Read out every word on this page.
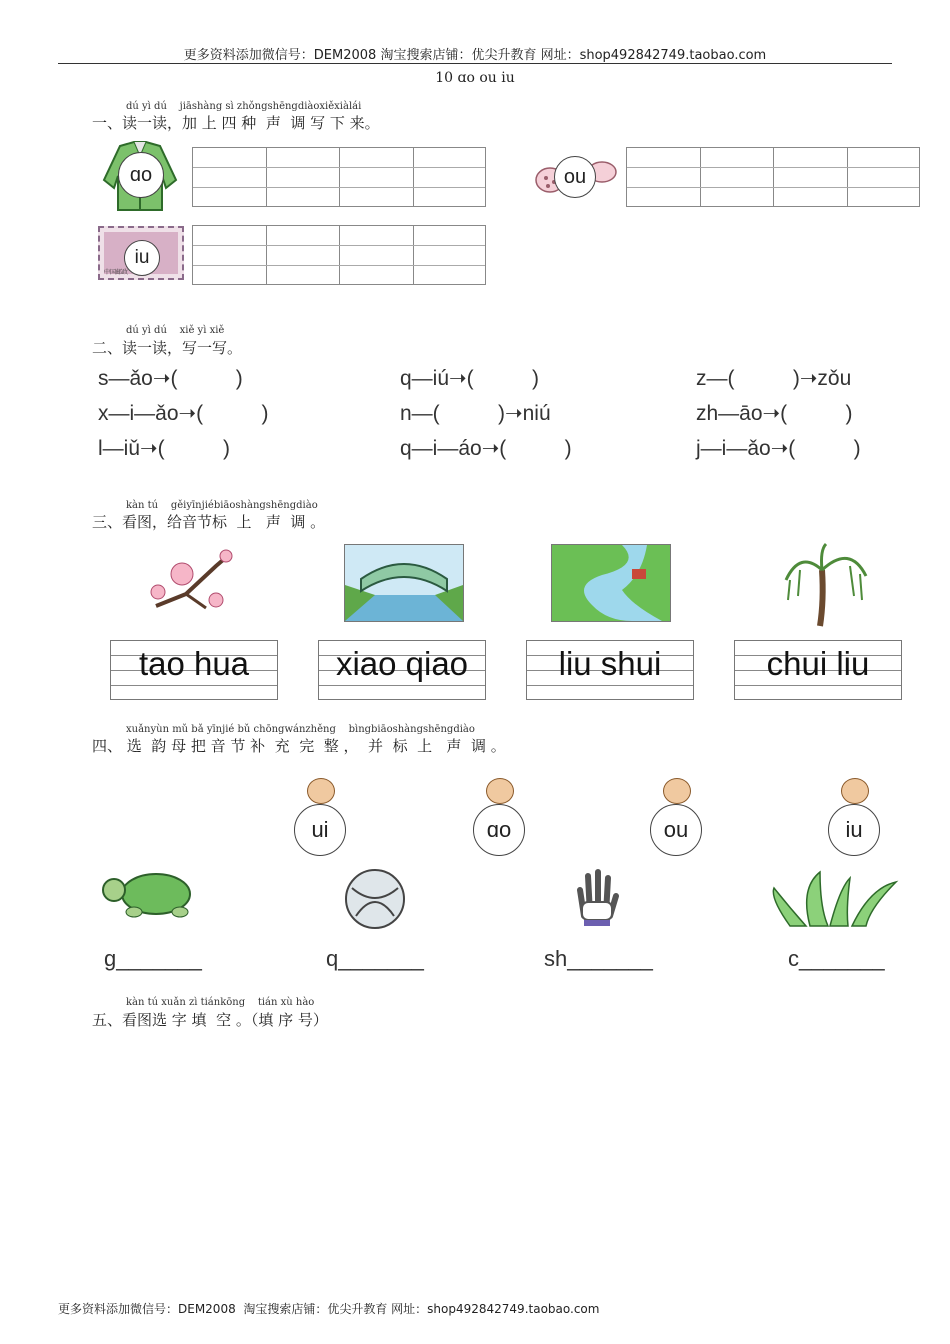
更多资料添加微信号：DEM2008 淘宝搜索店铺：优尖升教育 网址：shop492842749.taobao.com
10 ɑo ou iu
dú yì dú    jiāshàng sì zhǒngshēngdiàoxiěxiàlái
一、读一读，加 上 四 种  声  调 写 下 来。
ɑo	ou
中国邮政
iu
dú yì dú    xiě yì xiě
二、读一读，写一写。
s—ǎo➝(          )	q—iú➝(          )	z—(          )➝zǒu
x—i—ǎo➝(          )	n—(          )➝niú	zh—āo➝(          )
l—iǔ➝(          )	q—i—áo➝(          )	j—i—ǎo➝(          )
kàn tú    gěiyīnjiébiāoshàngshēngdiào
三、看图，给音节标  上   声  调 。
tao hua	xiao qiao	liu shui	chui liu
xuǎnyùn mǔ bǎ yīnjié bǔ chōngwánzhěng    bìngbiāoshàngshēngdiào
四、 选  韵 母 把 音 节 补  充  完  整 ，  并  标  上   声  调 。
ui	ɑo	ou	iu
g_______	q_______	sh_______	c_______
kàn tú xuǎn zì tiánkōng    tián xù hào
五、看图选 字 填  空 。（填 序 号）
更多资料添加微信号：DEM2008  淘宝搜索店铺：优尖升教育 网址：shop492842749.taobao.com
